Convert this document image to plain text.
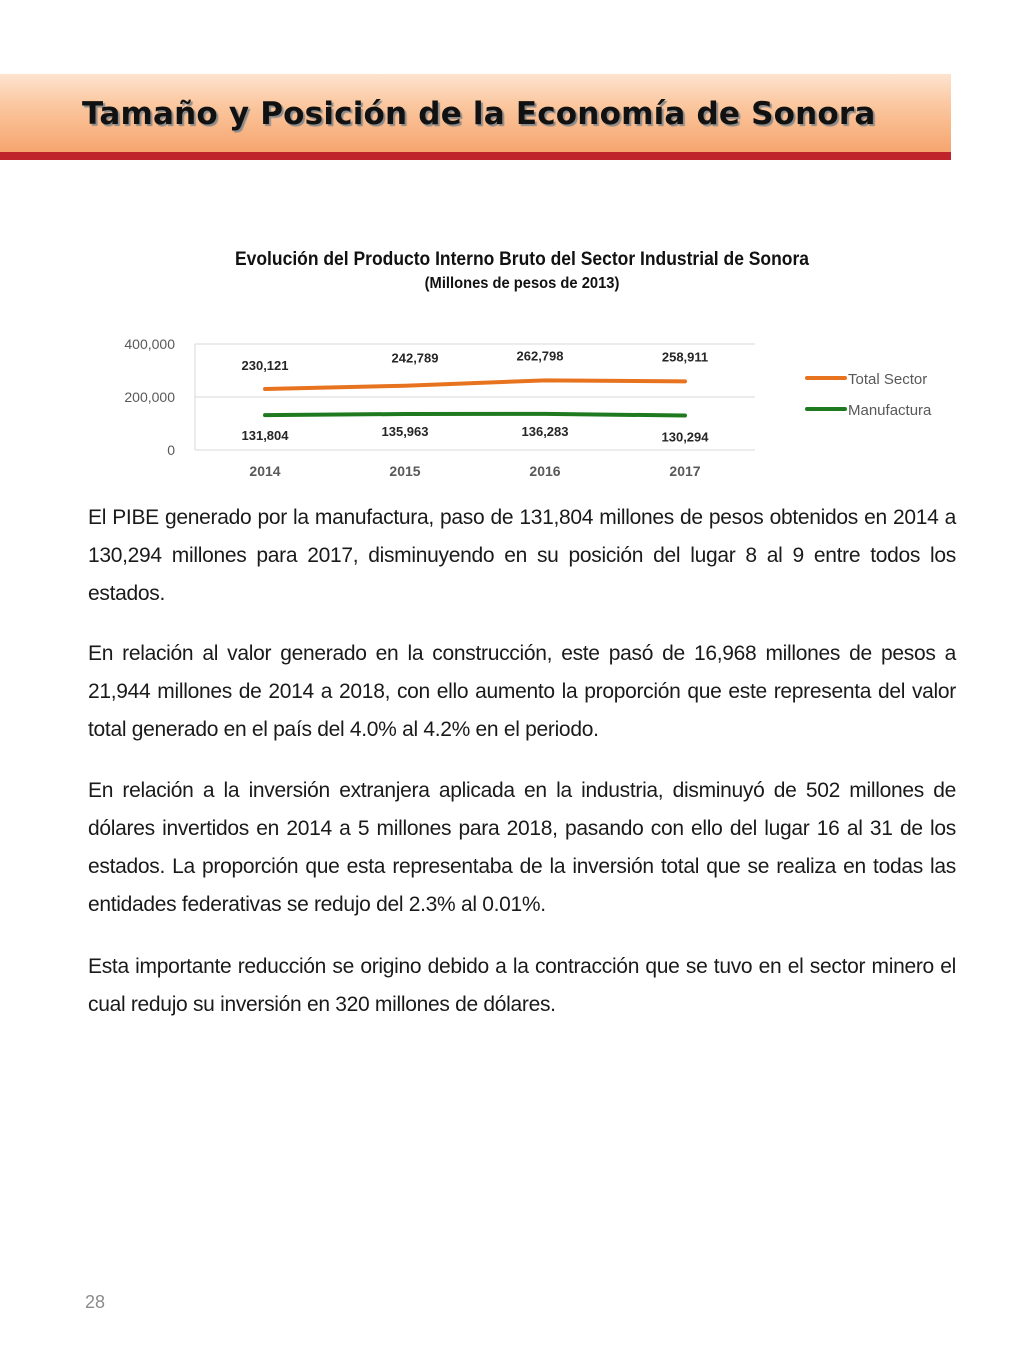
Tamaño y Posición de la Economía de Sonora
Evolución del Producto Interno Bruto del Sector Industrial de Sonora
(Millones de pesos de 2013)
0
200,000
400,000
2014	2015	2016	2017
230,121	242,789	262,798	258,911
131,804	135,963	136,283	130,294
Total Sector
Manufactura

El PIBE generado por la manufactura, paso de 131,804 millones de pesos obtenidos en 2014 a 130,294 millones para 2017, disminuyendo en su posición del lugar 8 al 9 entre todos los estados.

En relación al valor generado en la construcción, este pasó de 16,968 millones de pesos a 21,944 millones de 2014 a 2018, con ello aumento la proporción que este representa del valor total generado en el país del 4.0% al 4.2% en el periodo.

En relación a la inversión extranjera aplicada en la industria, disminuyó de 502 millones de dólares invertidos en 2014 a 5 millones para 2018, pasando con ello del lugar 16 al 31 de los estados. La proporción que esta representaba de la inversión total que se realiza en todas las entidades federativas se redujo del 2.3% al 0.01%.

Esta importante reducción se origino debido a la contracción que se tuvo en el sector minero el cual redujo su inversión en 320 millones de dólares.

28
